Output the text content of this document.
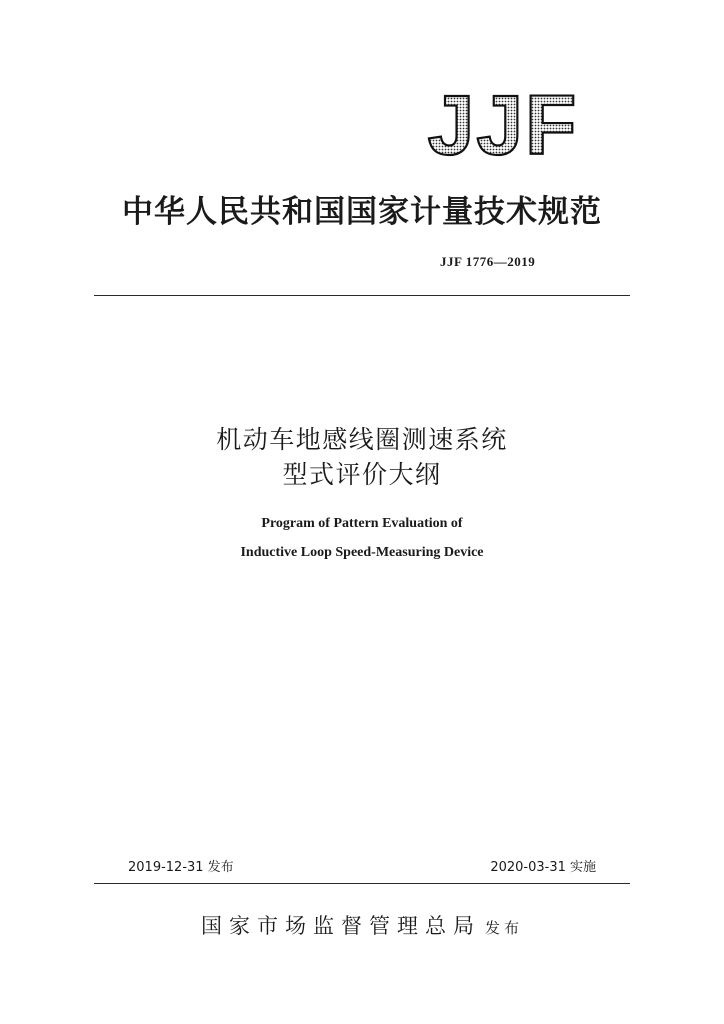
JJF
中华人民共和国国家计量技术规范
JJF 1776—2019
机动车地感线圈测速系统
型式评价大纲
Program of Pattern Evaluation of
Inductive Loop Speed-Measuring Device
2019-12-31 发布	2020-03-31 实施
国家市场监督管理总局 发布
